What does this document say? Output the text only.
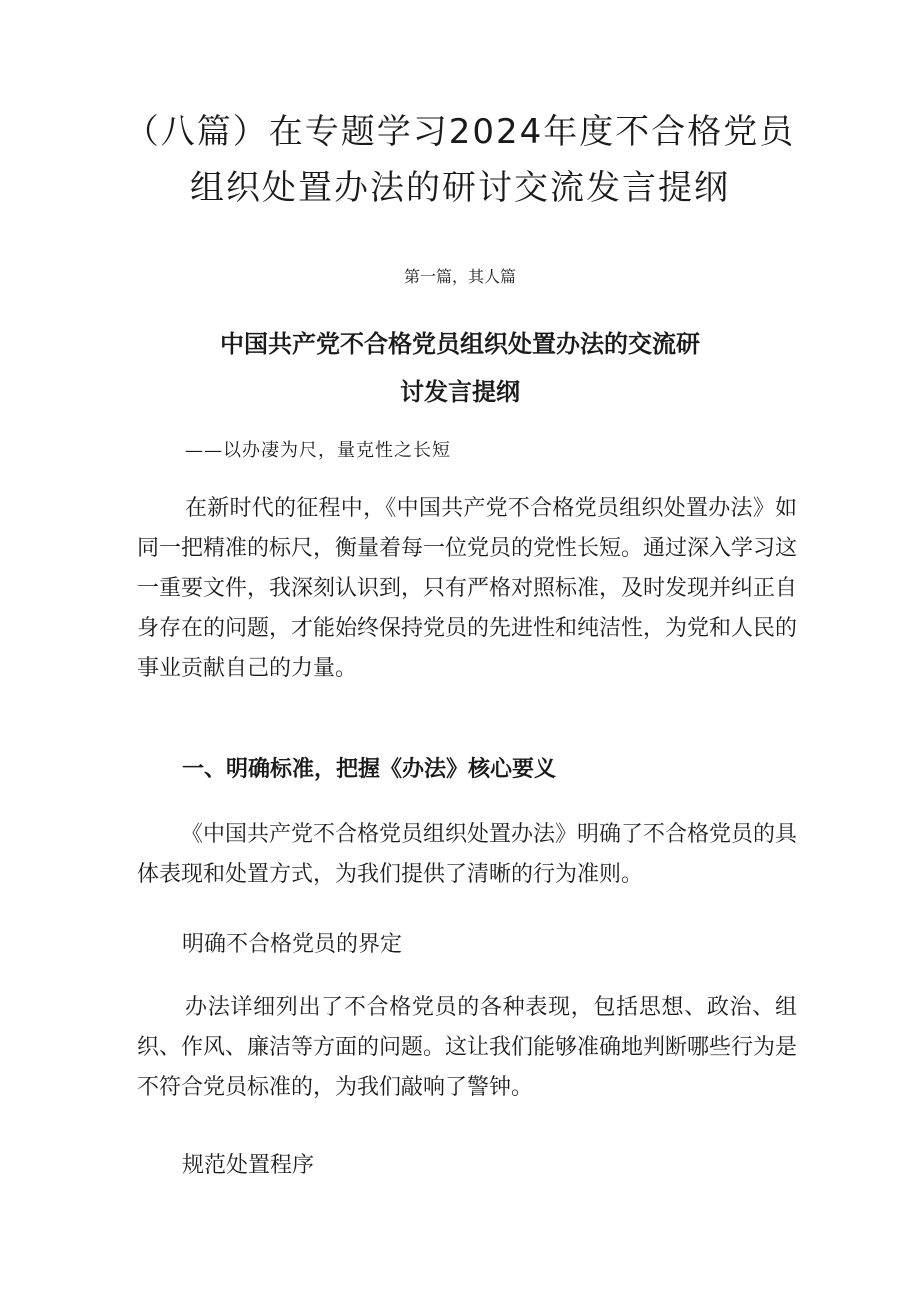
（八篇）在专题学习2024年度不合格党员
组织处置办法的研讨交流发言提纲
第一篇，其人篇
中国共产党不合格党员组织处置办法的交流研
讨发言提纲
——以办凄为尺，量克性之长短

在新时代的征程中，《中国共产党不合格党员组织处置办法》如同一把精准的标尺，衡量着每一位党员的党性长短。通过深入学习这一重要文件，我深刻认识到，只有严格对照标准，及时发现并纠正自身存在的问题，才能始终保持党员的先进性和纯洁性，为党和人民的事业贡献自己的力量。

一、明确标准，把握《办法》核心要义

《中国共产党不合格党员组织处置办法》明确了不合格党员的具体表现和处置方式，为我们提供了清晰的行为准则。

明确不合格党员的界定

办法详细列出了不合格党员的各种表现，包括思想、政治、组织、作风、廉洁等方面的问题。这让我们能够准确地判断哪些行为是不符合党员标准的，为我们敲响了警钟。

规范处置程序
